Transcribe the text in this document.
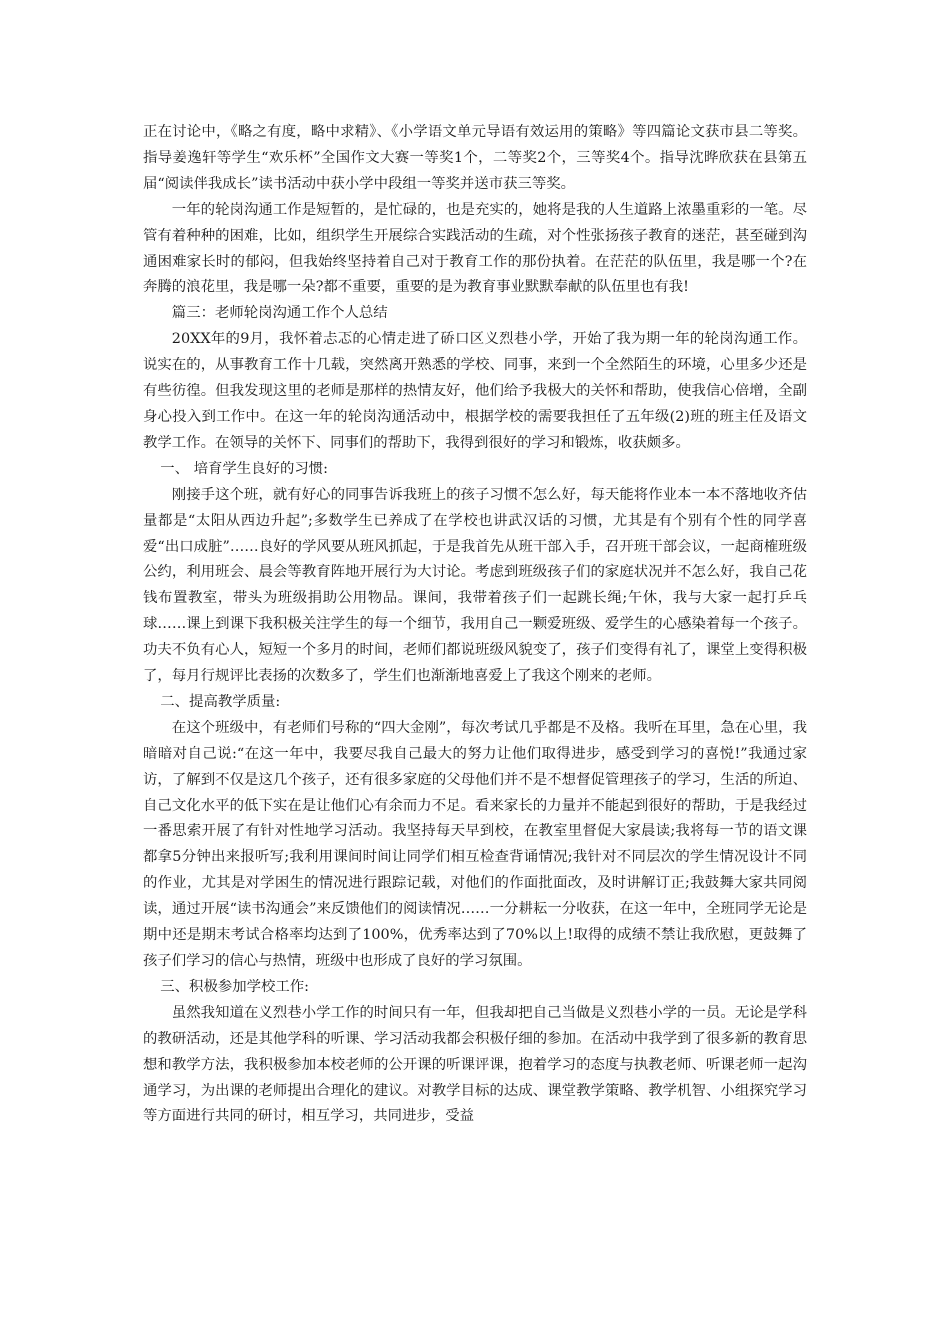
正在讨论中，《略之有度，略中求精》、《小学语文单元导语有效运用的策略》等四篇论文获市县二等奖。指导姜逸轩等学生“欢乐杯”全国作文大赛一等奖1个，二等奖2个，三等奖4个。指导沈晔欣获在县第五届“阅读伴我成长”读书活动中获小学中段组一等奖并送市获三等奖。

一年的轮岗沟通工作是短暂的，是忙碌的，也是充实的，她将是我的人生道路上浓墨重彩的一笔。尽管有着种种的困难，比如，组织学生开展综合实践活动的生疏，对个性张扬孩子教育的迷茫，甚至碰到沟通困难家长时的郁闷，但我始终坚持着自己对于教育工作的那份执着。在茫茫的队伍里，我是哪一个?在奔腾的浪花里，我是哪一朵?都不重要，重要的是为教育事业默默奉献的队伍里也有我!

篇三：老师轮岗沟通工作个人总结

20XX年的9月，我怀着忐忑的心情走进了硚口区义烈巷小学，开始了我为期一年的轮岗沟通工作。说实在的，从事教育工作十几载，突然离开熟悉的学校、同事，来到一个全然陌生的环境，心里多少还是有些彷徨。但我发现这里的老师是那样的热情友好，他们给予我极大的关怀和帮助，使我信心倍增，全副身心投入到工作中。在这一年的轮岗沟通活动中，根据学校的需要我担任了五年级(2)班的班主任及语文教学工作。在领导的关怀下、同事们的帮助下，我得到很好的学习和锻炼，收获颇多。

一、 培育学生良好的习惯:

刚接手这个班，就有好心的同事告诉我班上的孩子习惯不怎么好，每天能将作业本一本不落地收齐估量都是“太阳从西边升起”;多数学生已养成了在学校也讲武汉话的习惯，尤其是有个别有个性的同学喜爱“出口成脏”……良好的学风要从班风抓起，于是我首先从班干部入手，召开班干部会议，一起商榷班级公约，利用班会、晨会等教育阵地开展行为大讨论。考虑到班级孩子们的家庭状况并不怎么好，我自己花钱布置教室，带头为班级捐助公用物品。课间，我带着孩子们一起跳长绳;午休，我与大家一起打乒乓球……课上到课下我积极关注学生的每一个细节，我用自己一颗爱班级、爱学生的心感染着每一个孩子。功夫不负有心人，短短一个多月的时间，老师们都说班级风貌变了，孩子们变得有礼了，课堂上变得积极了，每月行规评比表扬的次数多了，学生们也渐渐地喜爱上了我这个刚来的老师。

二、提高教学质量:

在这个班级中，有老师们号称的“四大金刚”，每次考试几乎都是不及格。我听在耳里，急在心里，我暗暗对自己说:“在这一年中，我要尽我自己最大的努力让他们取得进步，感受到学习的喜悦!”我通过家访，了解到不仅是这几个孩子，还有很多家庭的父母他们并不是不想督促管理孩子的学习，生活的所迫、自己文化水平的低下实在是让他们心有余而力不足。看来家长的力量并不能起到很好的帮助，于是我经过一番思索开展了有针对性地学习活动。我坚持每天早到校，在教室里督促大家晨读;我将每一节的语文课都拿5分钟出来报听写;我利用课间时间让同学们相互检查背诵情况;我针对不同层次的学生情况设计不同的作业，尤其是对学困生的情况进行跟踪记载，对他们的作面批面改，及时讲解订正;我鼓舞大家共同阅读，通过开展“读书沟通会”来反馈他们的阅读情况……一分耕耘一分收获，在这一年中，全班同学无论是期中还是期末考试合格率均达到了100%，优秀率达到了70%以上!取得的成绩不禁让我欣慰，更鼓舞了孩子们学习的信心与热情，班级中也形成了良好的学习氛围。

三、积极参加学校工作:

虽然我知道在义烈巷小学工作的时间只有一年，但我却把自己当做是义烈巷小学的一员。无论是学科的教研活动，还是其他学科的听课、学习活动我都会积极仔细的参加。在活动中我学到了很多新的教育思想和教学方法，我积极参加本校老师的公开课的听课评课，抱着学习的态度与执教老师、听课老师一起沟通学习，为出课的老师提出合理化的建议。对教学目标的达成、课堂教学策略、教学机智、小组探究学习等方面进行共同的研讨，相互学习，共同进步，受益
